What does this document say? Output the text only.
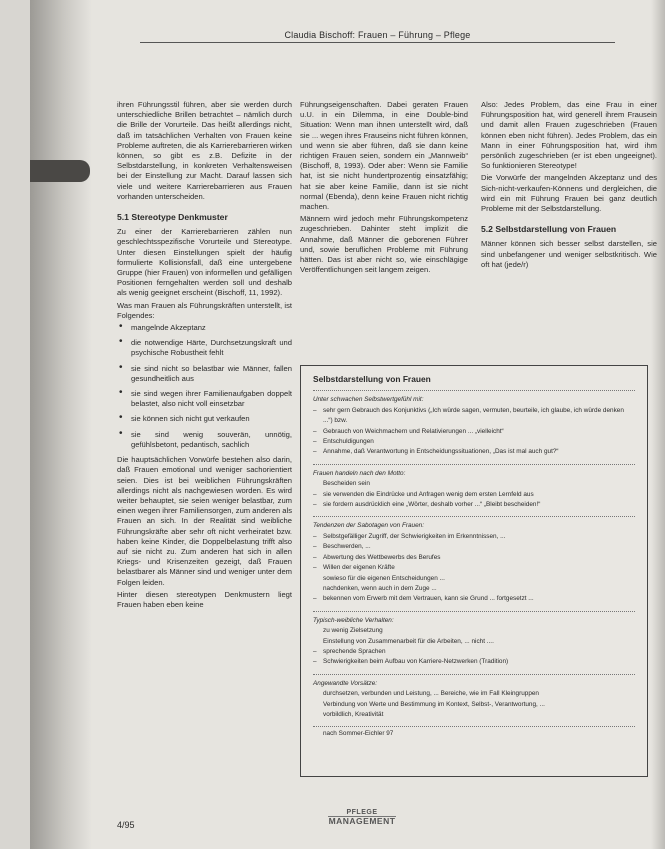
Claudia Bischoff: Frauen – Führung – Pflege

ihren Führungsstil führen, aber sie werden durch unterschiedliche Brillen betrachtet – nämlich durch die Brille der Vorurteile. Das heißt allerdings nicht, daß im tatsächlichen Verhalten von Frauen keine Probleme auftreten, die als Karrierebarrieren wirken können, so gibt es z.B. Defizite in der Selbstdarstellung, in konkreten Verhaltensweisen bei der Einstellung zur Macht. Darauf lassen sich viele und weitere Karrierebarrieren aus Frauen vorhanden unterscheiden.

5.1 Stereotype Denkmuster

Zu einer der Karrierebarrieren zählen nun geschlechtsspezifische Vorurteile und Stereotype. Unter diesen Einstellungen spielt der häufig formulierte Kollisionsfall, daß eine untergebene Gruppe (hier Frauen) von informellen und gefälligen Positionen ferngehalten werden soll und deshalb als wenig geeignet erscheint (Bischoff, 11, 1992).

Was man Frauen als Führungskräften unterstellt, ist Folgendes:

• mangelnde Akzeptanz
• die notwendige Härte, Durchsetzungskraft und psychische Robustheit fehlt
• sie sind nicht so belastbar wie Männer, fallen gesundheitlich aus
• sie sind wegen ihrer Familienaufgaben doppelt belastet, also nicht voll einsetzbar
• sie können sich nicht gut verkaufen
• sie sind wenig souverän, unnötig, gefühlsbetont, pedantisch, sachlich

Die hauptsächlichen Vorwürfe bestehen also darin, daß Frauen emotional und weniger sachorientiert seien. Dies ist bei weiblichen Führungskräften allerdings nicht als nachgewiesen worden. Es wird weiter behauptet, sie seien weniger belastbar, zum einen wegen ihrer Familiensorgen, zum anderen als Frauen an sich. In der Realität sind weibliche Führungskräfte aber sehr oft nicht verheiratet bzw. haben keine Kinder, die Doppelbelastung trifft also auf sie nicht zu. Zum anderen hat sich in allen Kriegs- und Krisenzeiten gezeigt, daß Frauen belastbarer als Männer sind und weniger unter dem Folgen leiden.

Hinter diesen stereotypen Denkmustern liegt Frauen haben eben keine

Führungseigenschaften. Dabei geraten Frauen u.U. in ein Dilemma, in eine Double-bind Situation: Wenn man ihnen unterstellt wird, daß sie ... wegen ihres Frauseins nicht führen können, und wenn sie aber führen, daß sie dann keine richtigen Frauen seien, sondern ein „Mannweib“ (Bischoff, 8, 1993). Oder aber: Wenn sie Familie hat, ist sie nicht hundertprozentig einsatzfähig; hat sie aber keine Familie, dann ist sie nicht normal (Ebenda), denn keine Frauen nicht richtig machen.

Männern wird jedoch mehr Führungskompetenz zugeschrieben. Dahinter steht implizit die Annahme, daß Männer die geborenen Führer und, sowie beruflichen Probleme mit Führung hätten. Das ist aber nicht so, wie einschlägige Veröffentlichungen seit langem zeigen.

Also: Jedes Problem, das eine Frau in einer Führungsposition hat, wird generell ihrem Frausein und damit allen Frauen zugeschrieben (Frauen können eben nicht führen). Jedes Problem, das ein Mann in einer Führungsposition hat, wird ihm persönlich zugeschrieben (er ist eben ungeeignet). So funktionieren Stereotype!

Die Vorwürfe der mangelnden Akzeptanz und des Sich-nicht-verkaufen-Könnens und dergleichen, die wird ein mit Führung Frauen bei ganz deutlich Probleme mit der Selbstdarstellung.

5.2 Selbstdarstellung von Frauen

Männer können sich besser selbst darstellen, sie sind unbefangener und weniger selbstkritisch. Wie oft hat (jede/r)

Selbstdarstellung von Frauen
Unter schwachen Selbstwertgefühl mit:
– sehr gern Gebrauch des Konjunktivs („Ich würde sagen, vermuten, beurteile, ich glaube, ich würde denken ...“) bzw.
– Gebrauch von Weichmachern und Relativierungen ... „vielleicht“
– Entschuldigungen
– Annahme, daß Verantwortung in Entscheidungssituationen, „Das ist mal auch gut?“
Frauen handeln nach den Motto:
Bescheiden sein
– sie verwenden die Eindrücke und Anfragen wenig dem ersten Lernfeld aus
– sie fordern ausdrücklich eine „Wörter, deshalb vorher ...“ „Bleibt bescheiden!“
Tendenzen der Sabotagen von Frauen:
– Selbstgefälliger Zugriff, der Schwierigkeiten im Erkenntnissen, ...
– Beschwerden, ...
– Abwertung des Wettbewerbs des Berufes
– Willen der eigenen Kräfte
sowieso für die eigenen Entscheidungen ...
nachdenken, wenn auch in dem Zuge ...
– bekennen vom Erwerb mit dem Vertrauen, kann sie Grund ... fortgesetzt ...
Typisch-weibliche Verhalten:
zu wenig Zielsetzung
Einstellung von Zusammenarbeit für die Arbeiten, ... nicht ....
– sprechende Sprachen
– Schwierigkeiten beim Aufbau von Karriere-Netzwerken (Tradition)
Angewandte Vorsätze:
durchsetzen, verbunden und Leistung, ... Bereiche, wie im Fall Kleingruppen
Verbindung von Werte und Bestimmung im Kontext, Selbst-, Verantwortung, ...
vorbildlich, Kreativität
nach Sommer-Eichler 97
4/95
PFLEGE
MANAGEMENT
